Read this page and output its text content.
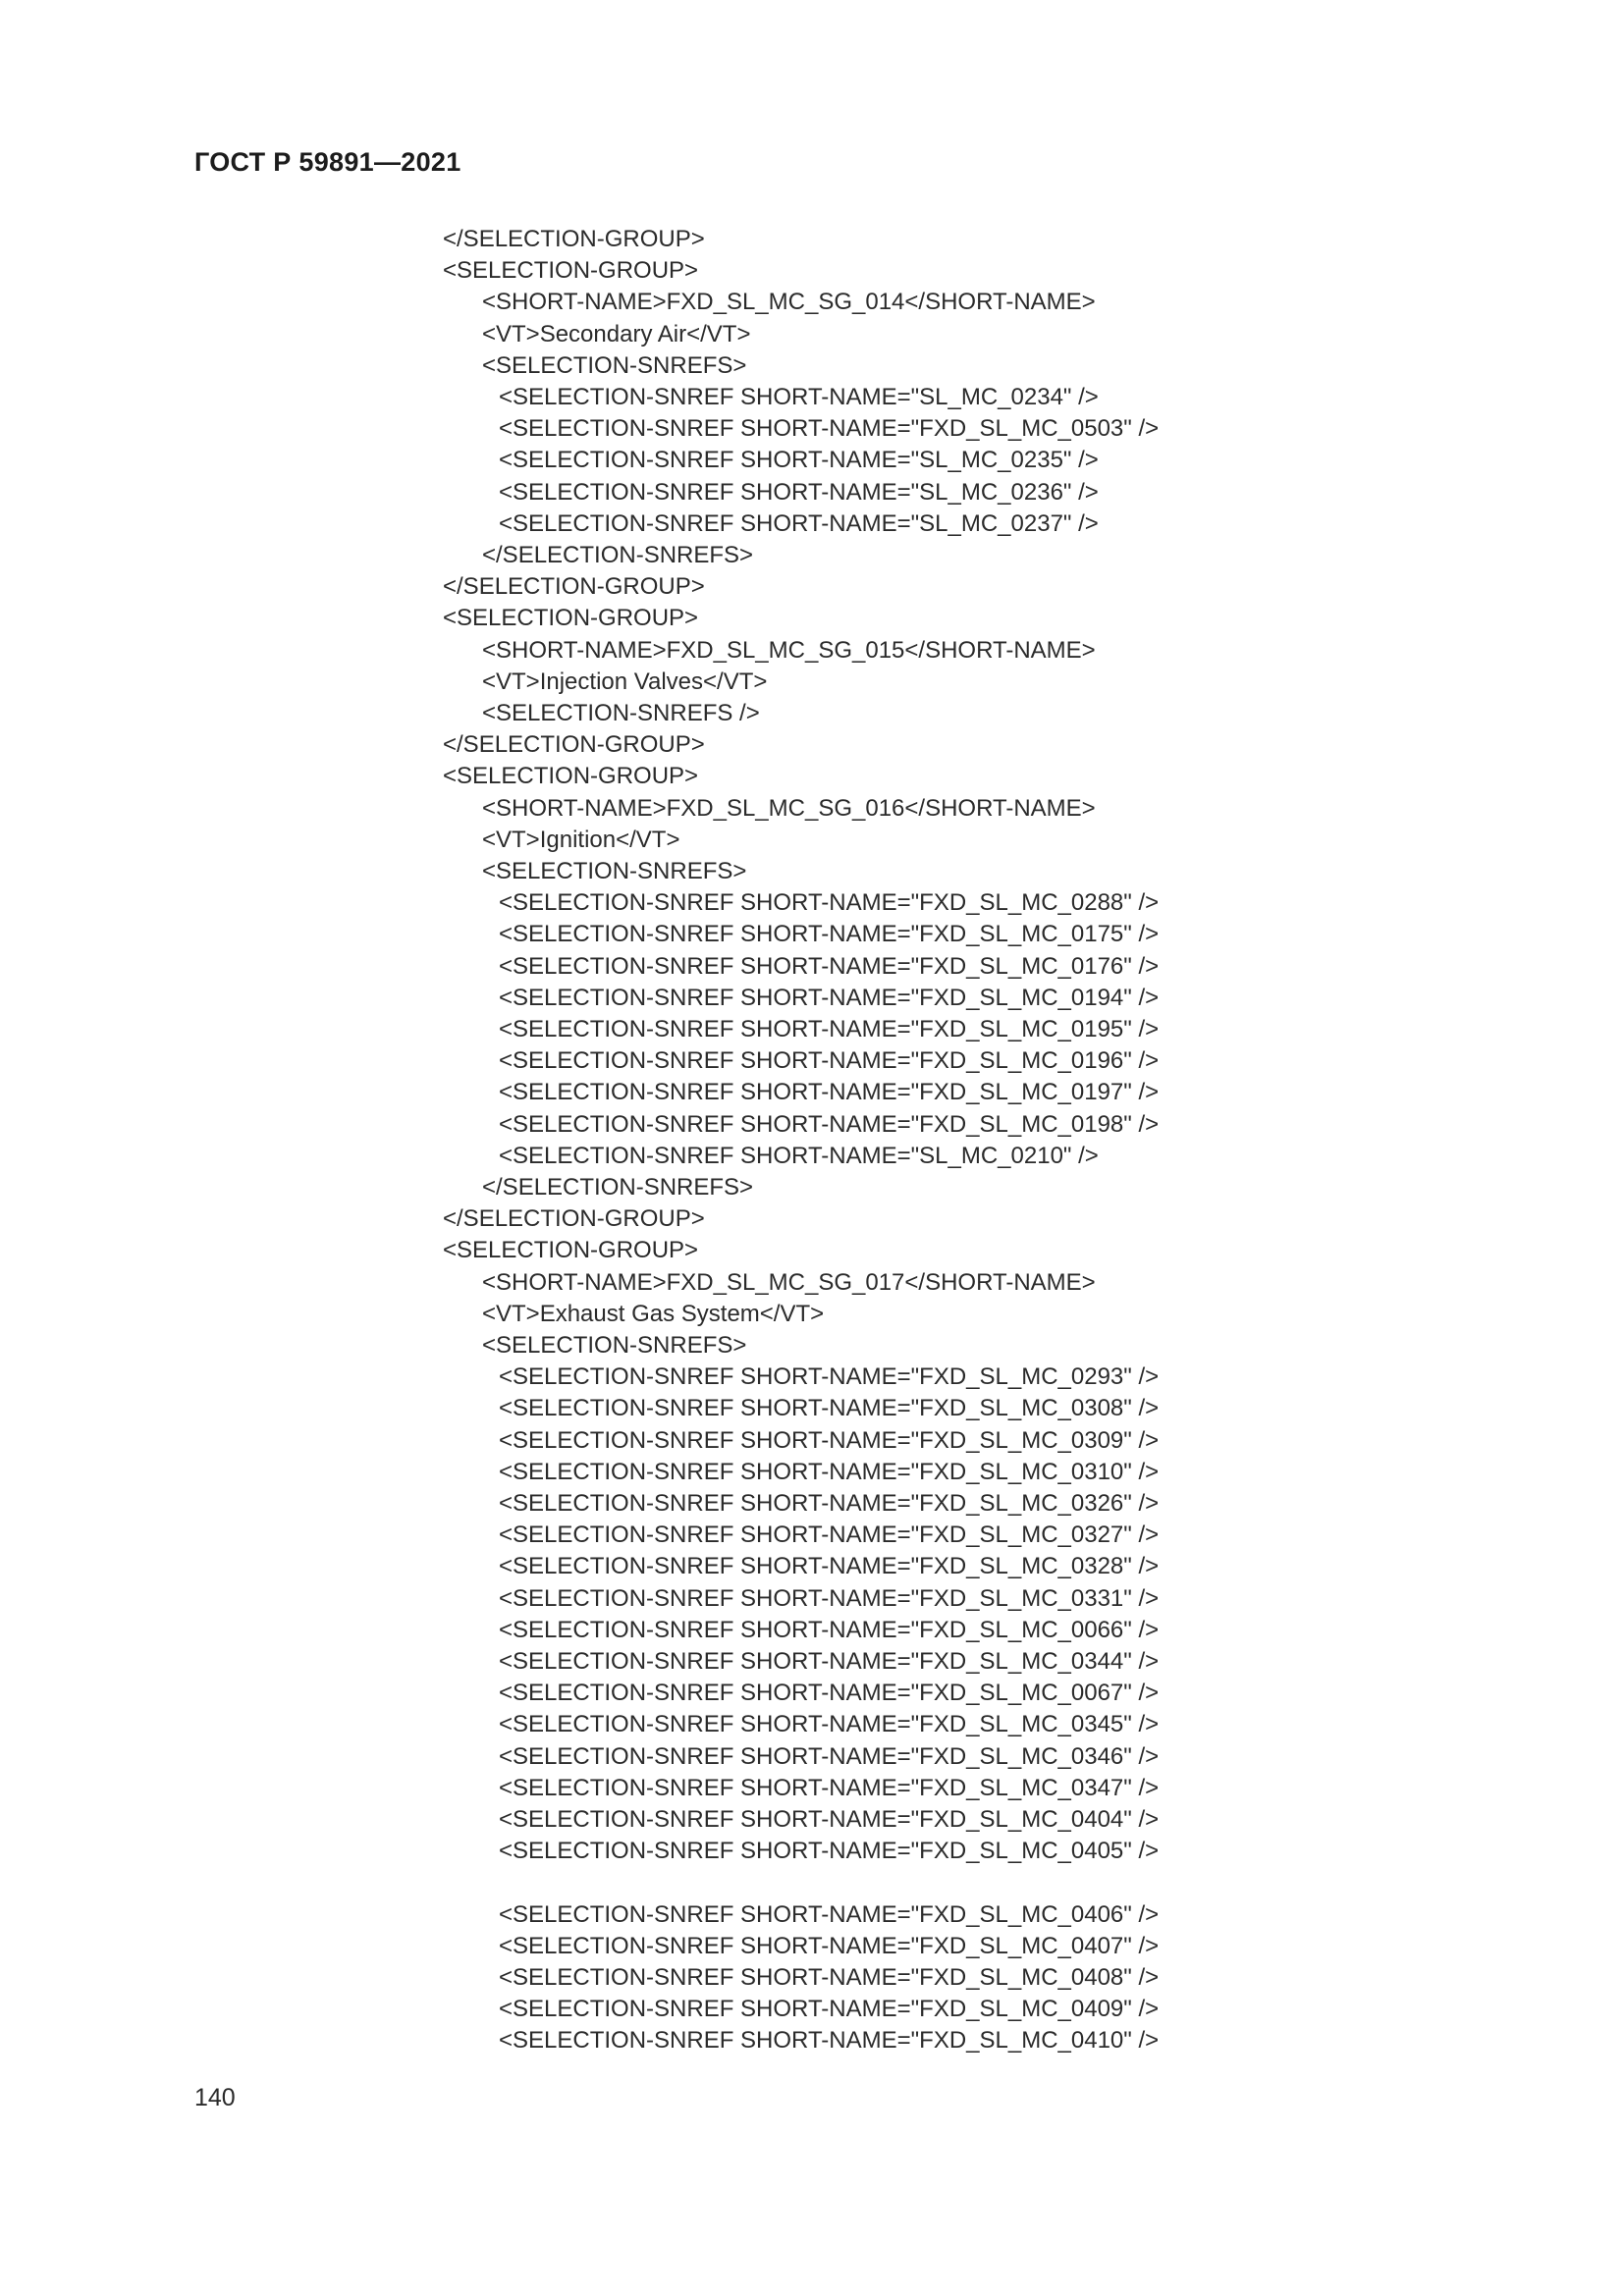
ГОСТ Р 59891—2021
</SELECTION-GROUP>
<SELECTION-GROUP>
<SHORT-NAME>FXD_SL_MC_SG_014</SHORT-NAME>
<VT>Secondary Air</VT>
<SELECTION-SNREFS>
<SELECTION-SNREF SHORT-NAME="SL_MC_0234" />
<SELECTION-SNREF SHORT-NAME="FXD_SL_MC_0503" />
<SELECTION-SNREF SHORT-NAME="SL_MC_0235" />
<SELECTION-SNREF SHORT-NAME="SL_MC_0236" />
<SELECTION-SNREF SHORT-NAME="SL_MC_0237" />
</SELECTION-SNREFS>
</SELECTION-GROUP>
<SELECTION-GROUP>
<SHORT-NAME>FXD_SL_MC_SG_015</SHORT-NAME>
<VT>Injection Valves</VT>
<SELECTION-SNREFS />
</SELECTION-GROUP>
<SELECTION-GROUP>
<SHORT-NAME>FXD_SL_MC_SG_016</SHORT-NAME>
<VT>Ignition</VT>
<SELECTION-SNREFS>
<SELECTION-SNREF SHORT-NAME="FXD_SL_MC_0288" />
<SELECTION-SNREF SHORT-NAME="FXD_SL_MC_0175" />
<SELECTION-SNREF SHORT-NAME="FXD_SL_MC_0176" />
<SELECTION-SNREF SHORT-NAME="FXD_SL_MC_0194" />
<SELECTION-SNREF SHORT-NAME="FXD_SL_MC_0195" />
<SELECTION-SNREF SHORT-NAME="FXD_SL_MC_0196" />
<SELECTION-SNREF SHORT-NAME="FXD_SL_MC_0197" />
<SELECTION-SNREF SHORT-NAME="FXD_SL_MC_0198" />
<SELECTION-SNREF SHORT-NAME="SL_MC_0210" />
</SELECTION-SNREFS>
</SELECTION-GROUP>
<SELECTION-GROUP>
<SHORT-NAME>FXD_SL_MC_SG_017</SHORT-NAME>
<VT>Exhaust Gas System</VT>
<SELECTION-SNREFS>
<SELECTION-SNREF SHORT-NAME="FXD_SL_MC_0293" />
<SELECTION-SNREF SHORT-NAME="FXD_SL_MC_0308" />
<SELECTION-SNREF SHORT-NAME="FXD_SL_MC_0309" />
<SELECTION-SNREF SHORT-NAME="FXD_SL_MC_0310" />
<SELECTION-SNREF SHORT-NAME="FXD_SL_MC_0326" />
<SELECTION-SNREF SHORT-NAME="FXD_SL_MC_0327" />
<SELECTION-SNREF SHORT-NAME="FXD_SL_MC_0328" />
<SELECTION-SNREF SHORT-NAME="FXD_SL_MC_0331" />
<SELECTION-SNREF SHORT-NAME="FXD_SL_MC_0066" />
<SELECTION-SNREF SHORT-NAME="FXD_SL_MC_0344" />
<SELECTION-SNREF SHORT-NAME="FXD_SL_MC_0067" />
<SELECTION-SNREF SHORT-NAME="FXD_SL_MC_0345" />
<SELECTION-SNREF SHORT-NAME="FXD_SL_MC_0346" />
<SELECTION-SNREF SHORT-NAME="FXD_SL_MC_0347" />
<SELECTION-SNREF SHORT-NAME="FXD_SL_MC_0404" />
<SELECTION-SNREF SHORT-NAME="FXD_SL_MC_0405" />
<SELECTION-SNREF SHORT-NAME="FXD_SL_MC_0406" />
<SELECTION-SNREF SHORT-NAME="FXD_SL_MC_0407" />
<SELECTION-SNREF SHORT-NAME="FXD_SL_MC_0408" />
<SELECTION-SNREF SHORT-NAME="FXD_SL_MC_0409" />
<SELECTION-SNREF SHORT-NAME="FXD_SL_MC_0410" />
140
